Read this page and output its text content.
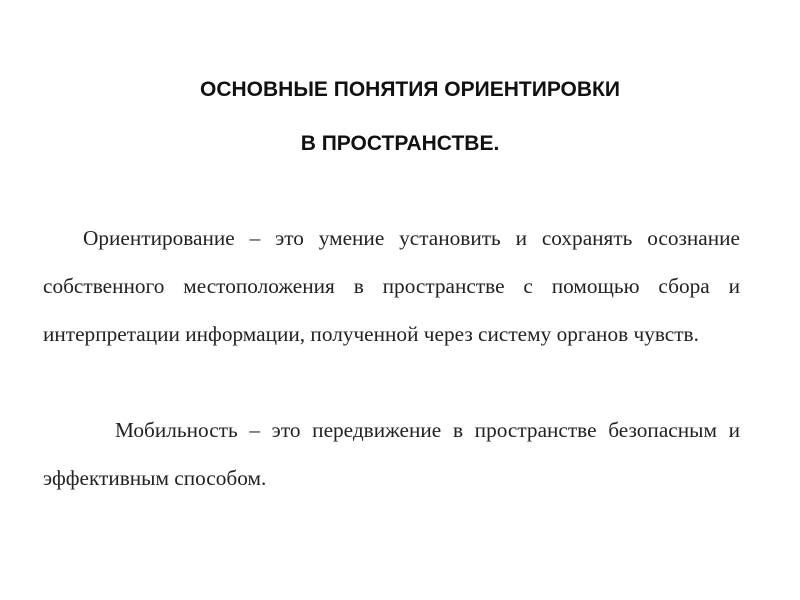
ОСНОВНЫЕ ПОНЯТИЯ ОРИЕНТИРОВКИ
В ПРОСТРАНСТВЕ.
Ориентирование – это умение установить и сохранять осознание собственного местоположения в пространстве с помощью сбора и интерпретации информации, полученной через систему органов чувств.
Мобильность – это передвижение в пространстве безопасным и эффективным способом.
